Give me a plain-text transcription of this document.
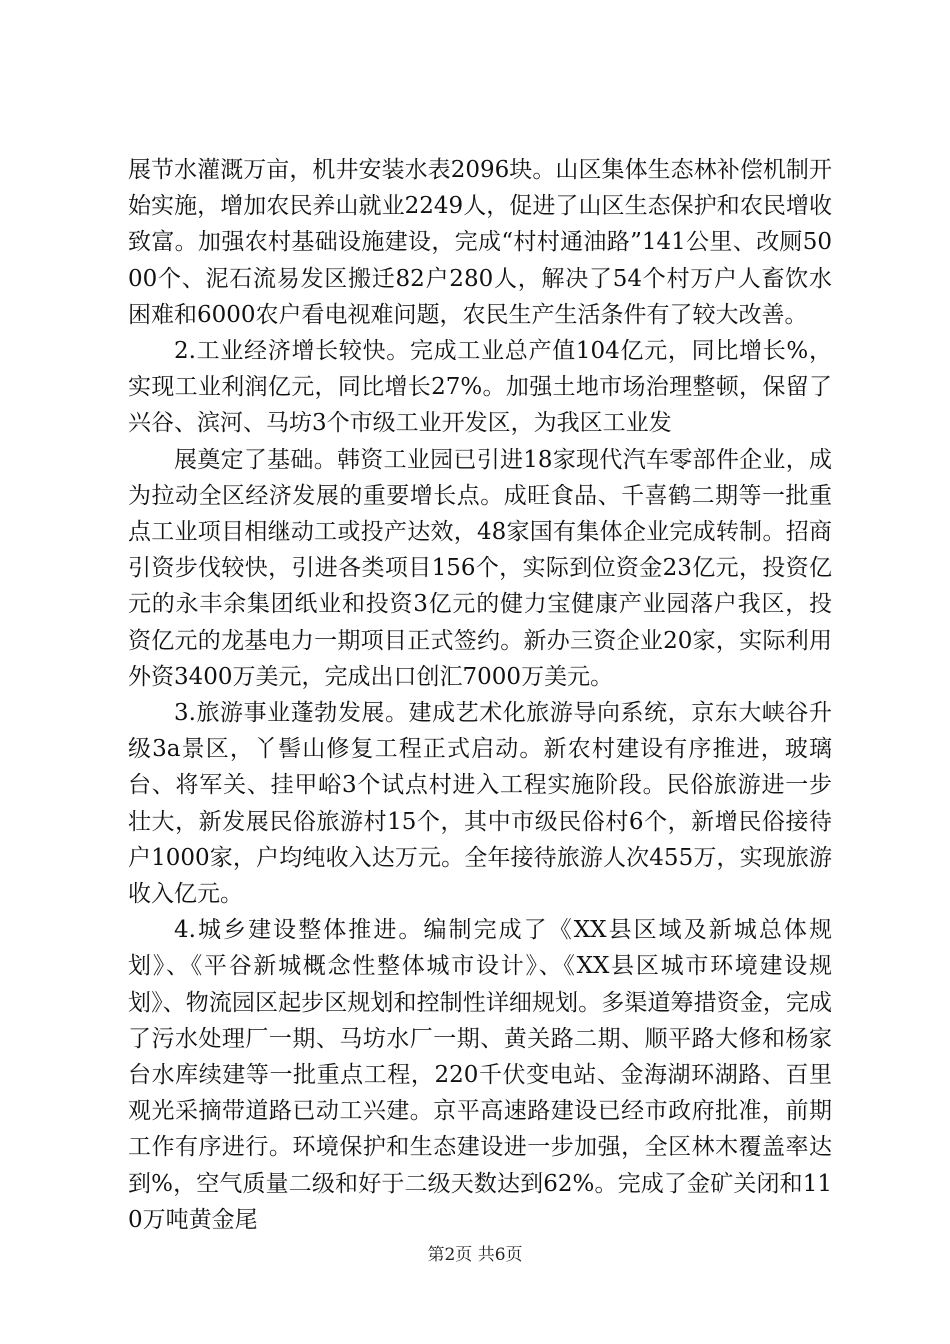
展节水灌溉万亩，机井安装水表2096块。山区集体生态林补偿机制开始实施，增加农民养山就业2249人，促进了山区生态保护和农民增收致富。加强农村基础设施建设，完成“村村通油路”141公里、改厕5000个、泥石流易发区搬迁82户280人，解决了54个村万户人畜饮水困难和6000农户看电视难问题，农民生产生活条件有了较大改善。

2.工业经济增长较快。完成工业总产值104亿元，同比增长%，实现工业利润亿元，同比增长27%。加强土地市场治理整顿，保留了兴谷、滨河、马坊3个市级工业开发区，为我区工业发

展奠定了基础。韩资工业园已引进18家现代汽车零部件企业，成为拉动全区经济发展的重要增长点。成旺食品、千喜鹤二期等一批重点工业项目相继动工或投产达效，48家国有集体企业完成转制。招商引资步伐较快，引进各类项目156个，实际到位资金23亿元，投资亿元的永丰余集团纸业和投资3亿元的健力宝健康产业园落户我区，投资亿元的龙基电力一期项目正式签约。新办三资企业20家，实际利用外资3400万美元，完成出口创汇7000万美元。

3.旅游事业蓬勃发展。建成艺术化旅游导向系统，京东大峡谷升级3a景区，丫髻山修复工程正式启动。新农村建设有序推进，玻璃台、将军关、挂甲峪3个试点村进入工程实施阶段。民俗旅游进一步壮大，新发展民俗旅游村15个，其中市级民俗村6个，新增民俗接待户1000家，户均纯收入达万元。全年接待旅游人次455万，实现旅游收入亿元。

4.城乡建设整体推进。编制完成了《XX县区域及新城总体规划》、《平谷新城概念性整体城市设计》、《XX县区城市环境建设规划》、物流园区起步区规划和控制性详细规划。多渠道筹措资金，完成了污水处理厂一期、马坊水厂一期、黄关路二期、顺平路大修和杨家台水库续建等一批重点工程，220千伏变电站、金海湖环湖路、百里观光采摘带道路已动工兴建。京平高速路建设已经市政府批准，前期工作有序进行。环境保护和生态建设进一步加强，全区林木覆盖率达到%，空气质量二级和好于二级天数达到62%。完成了金矿关闭和110万吨黄金尾

第2页 共6页
